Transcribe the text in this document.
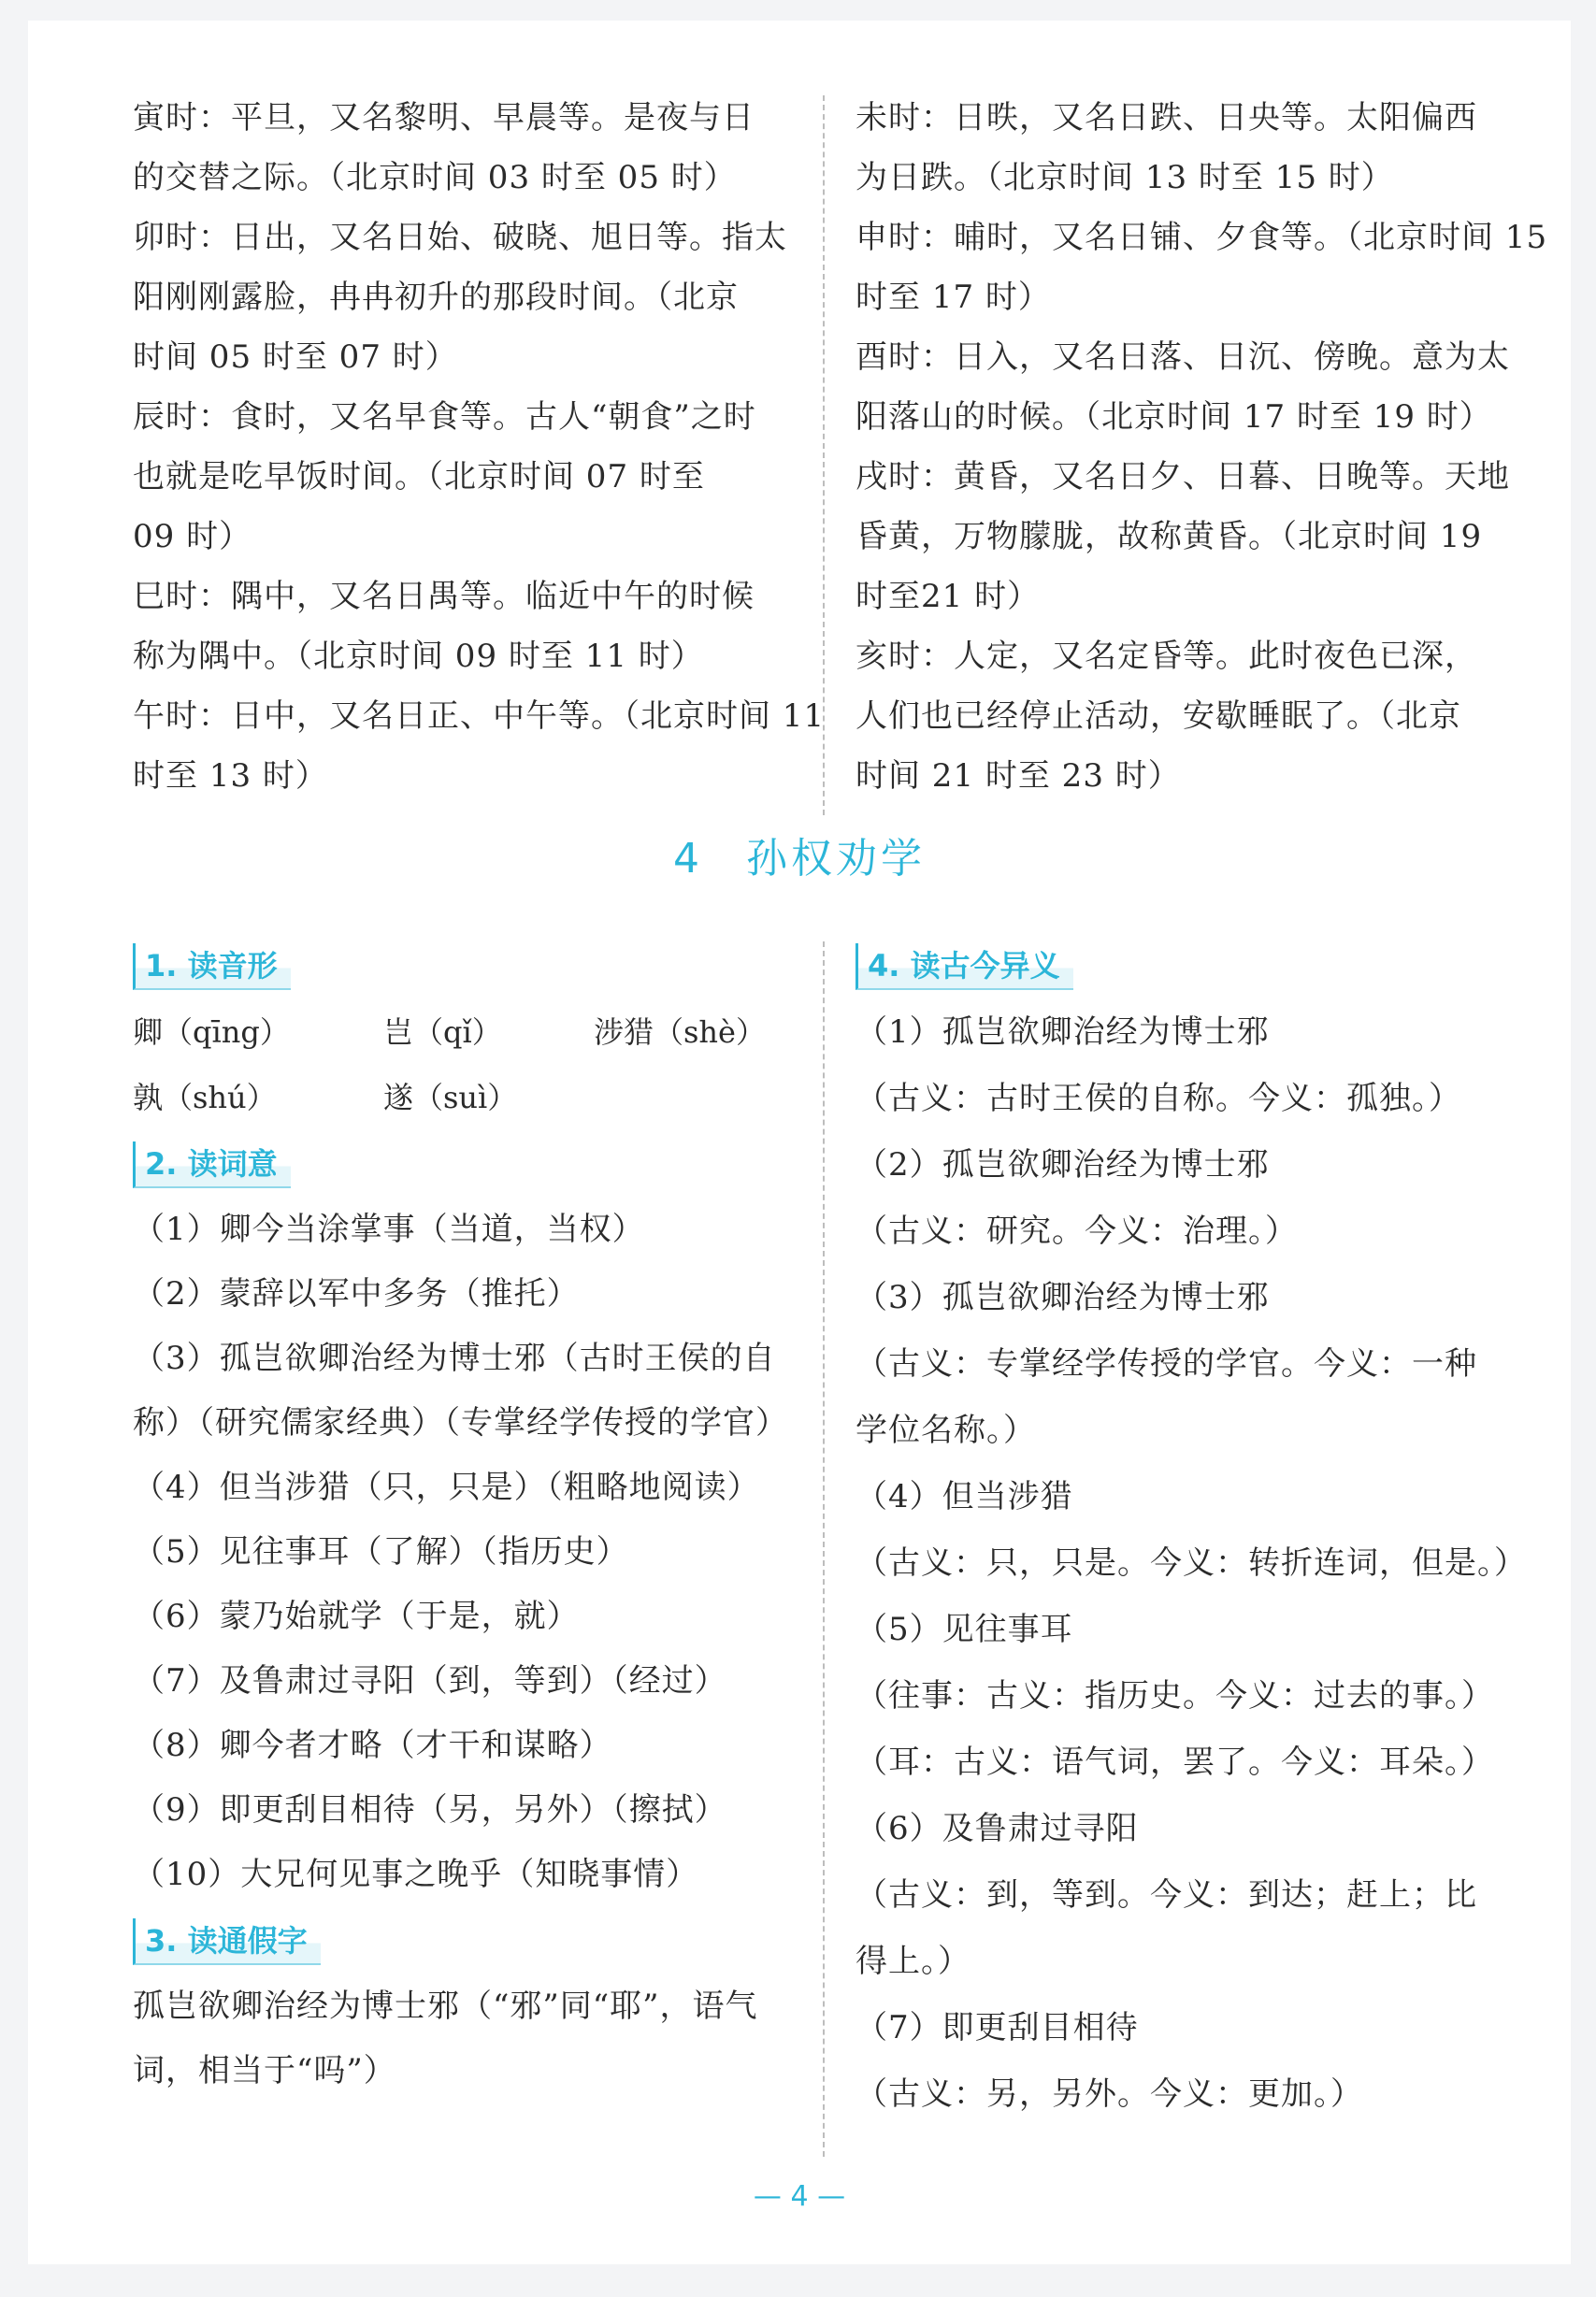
寅时：平旦，又名黎明、早晨等。是夜与日
的交替之际。（北京时间 03 时至 05 时）
卯时：日出，又名日始、破晓、旭日等。指太
阳刚刚露脸，冉冉初升的那段时间。（北京
时间 05 时至 07 时）
辰时：食时，又名早食等。古人“朝食”之时
也就是吃早饭时间。（北京时间 07 时至
09 时）
巳时：隅中，又名日禺等。临近中午的时候
称为隅中。（北京时间 09 时至 11 时）
午时：日中，又名日正、中午等。（北京时间 11
时至 13 时）
未时：日昳，又名日跌、日央等。太阳偏西
为日跌。（北京时间 13 时至 15 时）
申时：晡时，又名日铺、夕食等。（北京时间 15
时至 17 时）
酉时：日入，又名日落、日沉、傍晚。意为太
阳落山的时候。（北京时间 17 时至 19 时）
戌时：黄昏，又名日夕、日暮、日晚等。天地
昏黄，万物朦胧，故称黄昏。（北京时间 19
时至21 时）
亥时：人定，又名定昏等。此时夜色已深，
人们也已经停止活动，安歇睡眠了。（北京
时间 21 时至 23 时）
4 孙权劝学
1. 读音形
卿（qīng）	岂（qǐ）	涉猎（shè）
孰（shú）	遂（suì）
2. 读词意
（1）卿今当涂掌事（当道，当权）
（2）蒙辞以军中多务（推托）
（3）孤岂欲卿治经为博士邪（古时王侯的自
称）（研究儒家经典）（专掌经学传授的学官）
（4）但当涉猎（只，只是）（粗略地阅读）
（5）见往事耳（了解）（指历史）
（6）蒙乃始就学（于是，就）
（7）及鲁肃过寻阳（到，等到）（经过）
（8）卿今者才略（才干和谋略）
（9）即更刮目相待（另，另外）（擦拭）
（10）大兄何见事之晚乎（知晓事情）
3. 读通假字
孤岂欲卿治经为博士邪（“邪”同“耶”，语气
词，相当于“吗”）
4. 读古今异义
（1）孤岂欲卿治经为博士邪
（古义：古时王侯的自称。今义：孤独。）
（2）孤岂欲卿治经为博士邪
（古义：研究。今义：治理。）
（3）孤岂欲卿治经为博士邪
（古义：专掌经学传授的学官。今义：一种
学位名称。）
（4）但当涉猎
（古义：只，只是。今义：转折连词，但是。）
（5）见往事耳
（往事：古义：指历史。今义：过去的事。）
（耳：古义：语气词，罢了。今义：耳朵。）
（6）及鲁肃过寻阳
（古义：到，等到。今义：到达；赶上；比
得上。）
（7）即更刮目相待
（古义：另，另外。今义：更加。）
— 4 —
